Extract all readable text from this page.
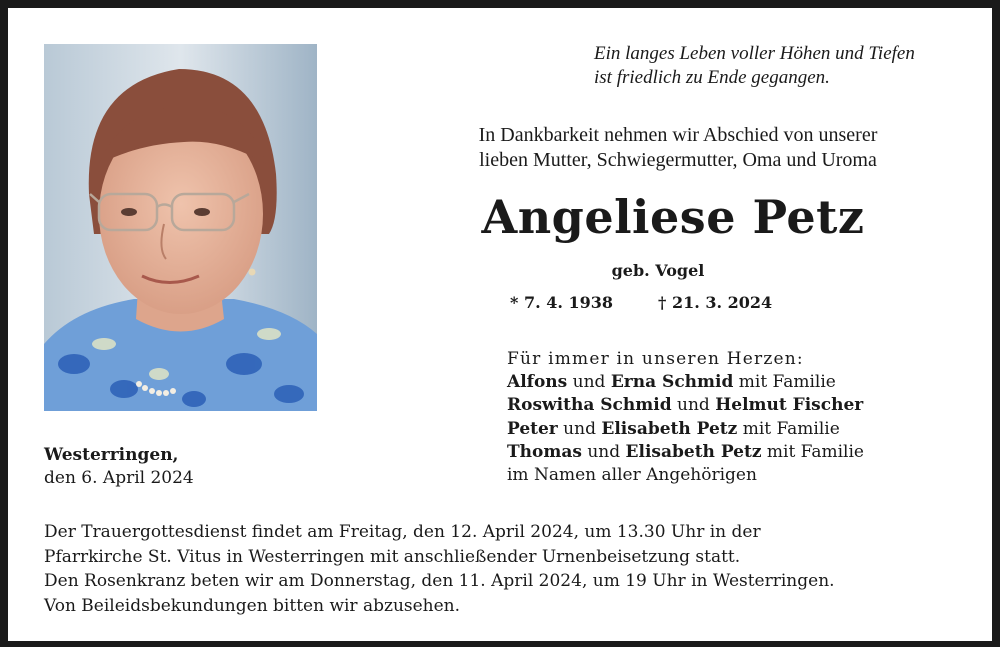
Ein langes Leben voller Höhen und Tiefen
ist friedlich zu Ende gegangen.
In Dankbarkeit nehmen wir Abschied von unserer
lieben Mutter, Schwiegermutter, Oma und Uroma
Angeliese Petz
geb. Vogel
* 7. 4. 1938	† 21. 3. 2024
Für immer in unseren Herzen:
Alfons und Erna Schmid mit Familie
Roswitha Schmid und Helmut Fischer
Peter und Elisabeth Petz mit Familie
Thomas und Elisabeth Petz mit Familie
im Namen aller Angehörigen
Westerringen,
den 6. April 2024
Der Trauergottesdienst findet am Freitag, den 12. April 2024, um 13.30 Uhr in der
Pfarrkirche St. Vitus in Westerringen mit anschließender Urnenbeisetzung statt.
Den Rosenkranz beten wir am Donnerstag, den 11. April 2024, um 19 Uhr in Westerringen.
Von Beileidsbekundungen bitten wir abzusehen.
